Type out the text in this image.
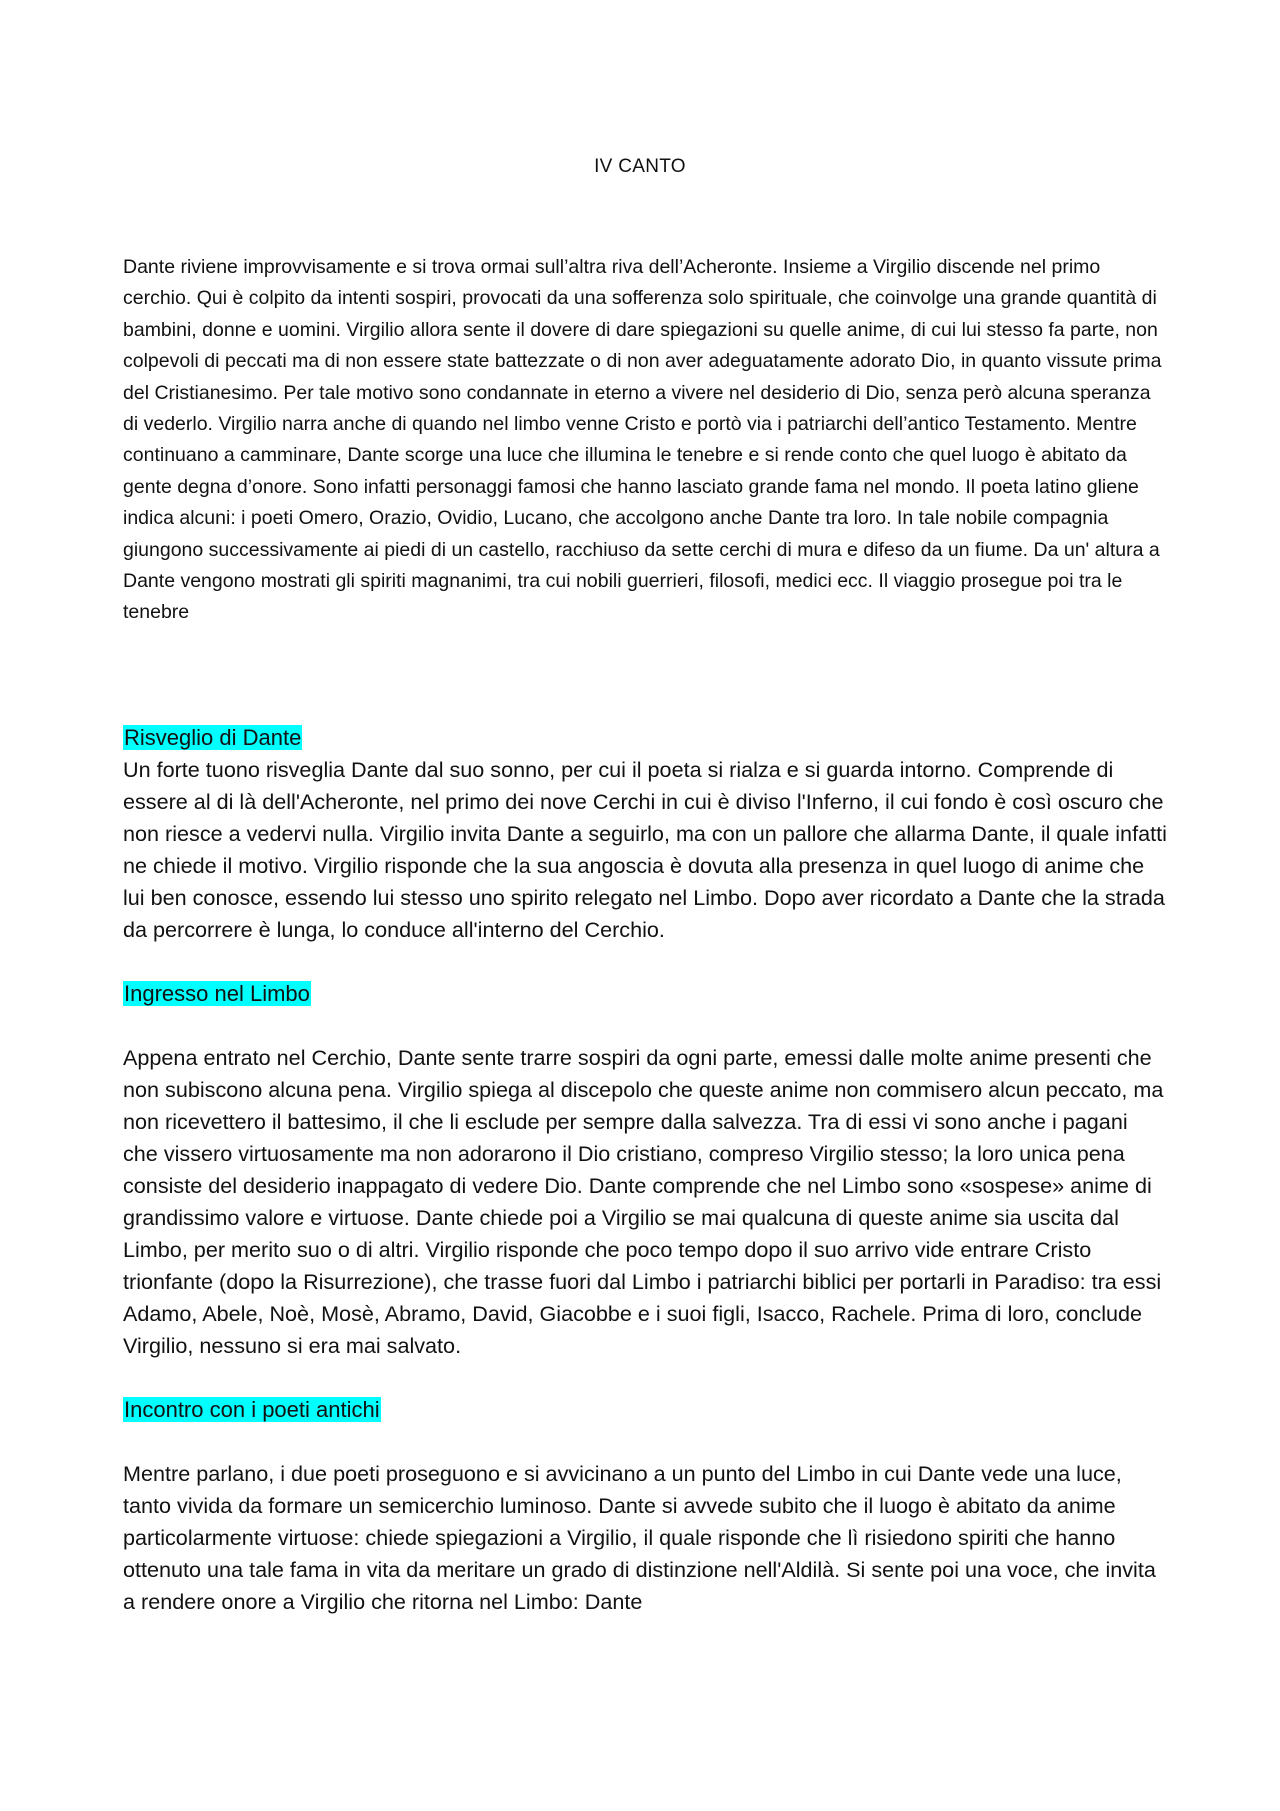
IV CANTO

Dante riviene improvvisamente e si trova ormai sull’altra riva dell’Acheronte. Insieme a Virgilio discende nel primo cerchio. Qui è colpito da intenti sospiri, provocati da una sofferenza solo spirituale, che coinvolge una grande quantità di bambini, donne e uomini. Virgilio allora sente il dovere di dare spiegazioni su quelle anime, di cui lui stesso fa parte, non colpevoli di peccati ma di non essere state battezzate o di non aver adeguatamente adorato Dio, in quanto vissute prima del Cristianesimo. Per tale motivo sono condannate in eterno a vivere nel desiderio di Dio, senza però alcuna speranza di vederlo. Virgilio narra anche di quando nel limbo venne Cristo e portò via i patriarchi dell’antico Testamento. Mentre continuano a camminare, Dante scorge una luce che illumina le tenebre e si rende conto che quel luogo è abitato da gente degna d’onore. Sono infatti personaggi famosi che hanno lasciato grande fama nel mondo. Il poeta latino gliene indica alcuni: i poeti Omero, Orazio, Ovidio, Lucano, che accolgono anche Dante tra loro. In tale nobile compagnia giungono successivamente ai piedi di un castello, racchiuso da sette cerchi di mura e difeso da un fiume. Da un' altura a Dante vengono mostrati gli spiriti magnanimi, tra cui nobili guerrieri, filosofi, medici ecc. Il viaggio prosegue poi tra le tenebre

Risveglio di Dante

Un forte tuono risveglia Dante dal suo sonno, per cui il poeta si rialza e si guarda intorno. Comprende di essere al di là dell'Acheronte, nel primo dei nove Cerchi in cui è diviso l'Inferno, il cui fondo è così oscuro che non riesce a vedervi nulla. Virgilio invita Dante a seguirlo, ma con un pallore che allarma Dante, il quale infatti ne chiede il motivo. Virgilio risponde che la sua angoscia è dovuta alla presenza in quel luogo di anime che lui ben conosce, essendo lui stesso uno spirito relegato nel Limbo. Dopo aver ricordato a Dante che la strada da percorrere è lunga, lo conduce all'interno del Cerchio.

Ingresso nel Limbo

Appena entrato nel Cerchio, Dante sente trarre sospiri da ogni parte, emessi dalle molte anime presenti che non subiscono alcuna pena. Virgilio spiega al discepolo che queste anime non commisero alcun peccato, ma non ricevettero il battesimo, il che li esclude per sempre dalla salvezza. Tra di essi vi sono anche i pagani che vissero virtuosamente ma non adorarono il Dio cristiano, compreso Virgilio stesso; la loro unica pena consiste del desiderio inappagato di vedere Dio. Dante comprende che nel Limbo sono «sospese» anime di grandissimo valore e virtuose. Dante chiede poi a Virgilio se mai qualcuna di queste anime sia uscita dal Limbo, per merito suo o di altri. Virgilio risponde che poco tempo dopo il suo arrivo vide entrare Cristo trionfante (dopo la Risurrezione), che trasse fuori dal Limbo i patriarchi biblici per portarli in Paradiso: tra essi Adamo, Abele, Noè, Mosè, Abramo, David, Giacobbe e i suoi figli, Isacco, Rachele. Prima di loro, conclude Virgilio, nessuno si era mai salvato.

Incontro con i poeti antichi

Mentre parlano, i due poeti proseguono e si avvicinano a un punto del Limbo in cui Dante vede una luce, tanto vivida da formare un semicerchio luminoso. Dante si avvede subito che il luogo è abitato da anime particolarmente virtuose: chiede spiegazioni a Virgilio, il quale risponde che lì risiedono spiriti che hanno ottenuto una tale fama in vita da meritare un grado di distinzione nell'Aldilà. Si sente poi una voce, che invita a rendere onore a Virgilio che ritorna nel Limbo: Dante
